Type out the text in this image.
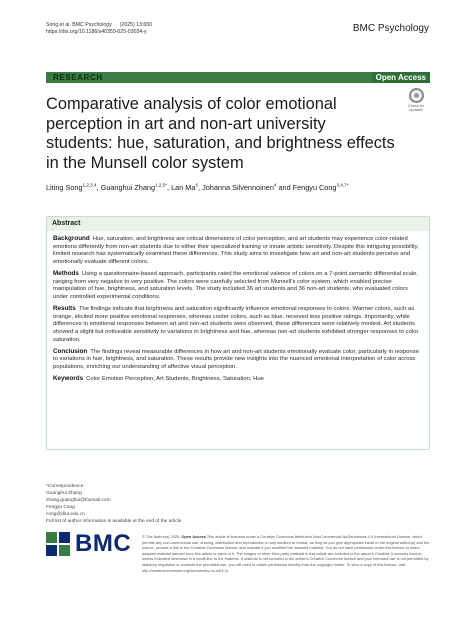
Song et al. BMC Psychology (2025) 13:650
https://doi.org/10.1186/s40359-025-03034-y	BMC Psychology
RESEARCH	Open Access
Check for
updates
Comparative analysis of color emotional perception in art and non-art university students: hue, saturation, and brightness effects in the Munsell color system
Liting Song$^{1,2,3,4}$, Guanghui Zhang$^{1,2,5*}$, Lan Ma$^6$, Johanna Silvennoinen$^4$ and Fengyu Cong$^{3,4,7*}$
Abstract

Background Hue, saturation, and brightness are critical dimensions of color perception, and art students may experience color-related emotions differently from non-art students due to either their specialized training or innate artistic sensitivity. Despite this intriguing possibility, limited research has systematically examined these differences. This study aims to investigate how art and non-art students perceive and emotionally evaluate different colors.

Methods Using a questionnaire-based approach, participants rated the emotional valence of colors on a 7-point semantic differential scale, ranging from very negative to very positive. The colors were carefully selected from Munsell’s color system, which enabled precise manipulation of hue, brightness, and saturation levels. The study included 36 art students and 36 non-art students, who evaluated colors under controlled experimental conditions.

Results The findings indicate that brightness and saturation significantly influence emotional responses to colors. Warmer colors, such as orange, elicited more positive emotional responses, whereas cooler colors, such as blue, received less positive ratings. Importantly, while differences in emotional responses between art and non-art students were observed, these differences were relatively modest. Art students showed a slight but noticeable sensitivity to variations in brightness and hue, whereas non-art students exhibited stronger responses to color saturation.

Conclusion The findings reveal measurable differences in how art and non-art students emotionally evaluate color, particularly in response to variations in hue, brightness, and saturation. These results provide new insights into the nuanced emotional interpretation of color across populations, enriching our understanding of affective visual perception.

Keywords Color Emotion Perception, Art Students, Brightness, Saturation, Hue

*Correspondence:
Guanghui Zhang
zhang.guanghui@foxmail.com
Fengyu Cong
cong@dlut.edu.cn
Full list of author information is available at the end of the article
BMC	© The Author(s) 2025. Open Access This article is licensed under a Creative Commons Attribution-NonCommercial-NoDerivatives 4.0 International License, which permits any non-commercial use, sharing, distribution and reproduction in any medium or format, as long as you give appropriate credit to the original author(s) and the source, provide a link to the Creative Commons licence, and indicate if you modified the licensed material. You do not have permission under this licence to share adapted material derived from this article or parts of it. The images or other third party material in this article are included in the article’s Creative Commons licence, unless indicated otherwise in a credit line to the material. If material is not included in the article’s Creative Commons licence and your intended use is not permitted by statutory regulation or exceeds the permitted use, you will need to obtain permission directly from the copyright holder. To view a copy of this licence, visit http://creativecommons.org/licenses/by-nc-nd/4.0/.
